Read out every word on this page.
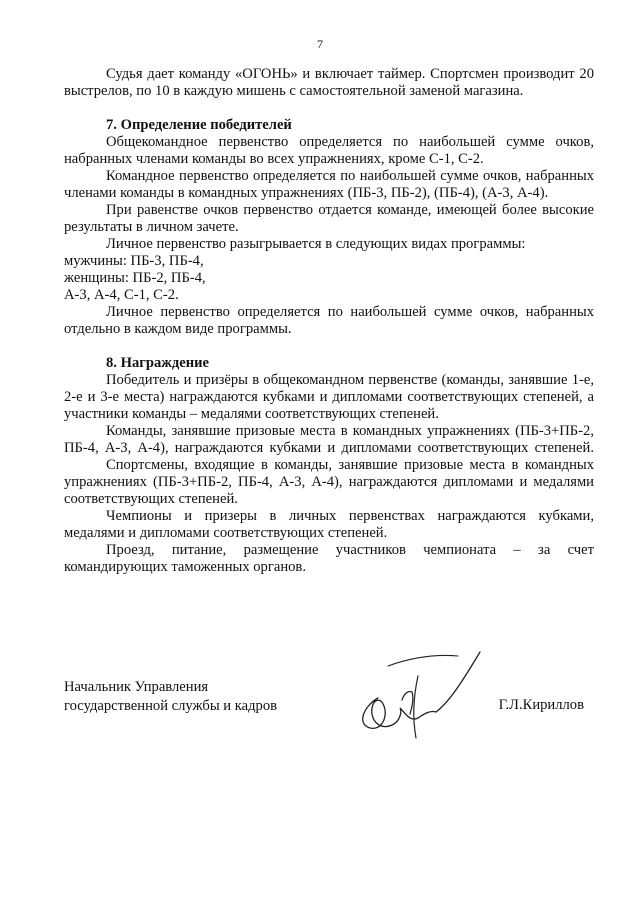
7

Судья дает команду «ОГОНЬ» и включает таймер. Спортсмен производит 20 выстрелов, по 10 в каждую мишень с самостоятельной заменой магазина.

7. Определение победителей

Общекомандное первенство определяется по наибольшей сумме очков, набранных членами команды во всех упражнениях, кроме С-1, С-2.

Командное первенство определяется по наибольшей сумме очков, набранных членами команды в командных упражнениях (ПБ-3, ПБ-2), (ПБ-4), (А-3, А-4).

При равенстве очков первенство отдается команде, имеющей более высокие результаты в личном зачете.

Личное первенство разыгрывается в следующих видах программы:

мужчины: ПБ-3, ПБ-4,

женщины: ПБ-2, ПБ-4,

А-3, А-4, С-1, С-2.

Личное первенство определяется по наибольшей сумме очков, набранных отдельно в каждом виде программы.

8. Награждение

Победитель и призёры в общекомандном первенстве (команды, занявшие 1-е, 2-е и 3-е места) награждаются кубками и дипломами соответствующих степеней, а участники команды – медалями соответствующих степеней.

Команды, занявшие призовые места в командных упражнениях (ПБ-3+ПБ-2, ПБ-4, А-3, А-4), награждаются кубками и дипломами соответствующих степеней.

Спортсмены, входящие в команды, занявшие призовые места в командных упражнениях (ПБ-3+ПБ-2, ПБ-4, А-3, А-4), награждаются дипломами и медалями соответствующих степеней.

Чемпионы и призеры в личных первенствах награждаются кубками, медалями и дипломами соответствующих степеней.

Проезд, питание, размещение участников чемпионата – за счет командирующих таможенных органов.

Начальник Управления
государственной службы и кадров	Г.Л.Кириллов
